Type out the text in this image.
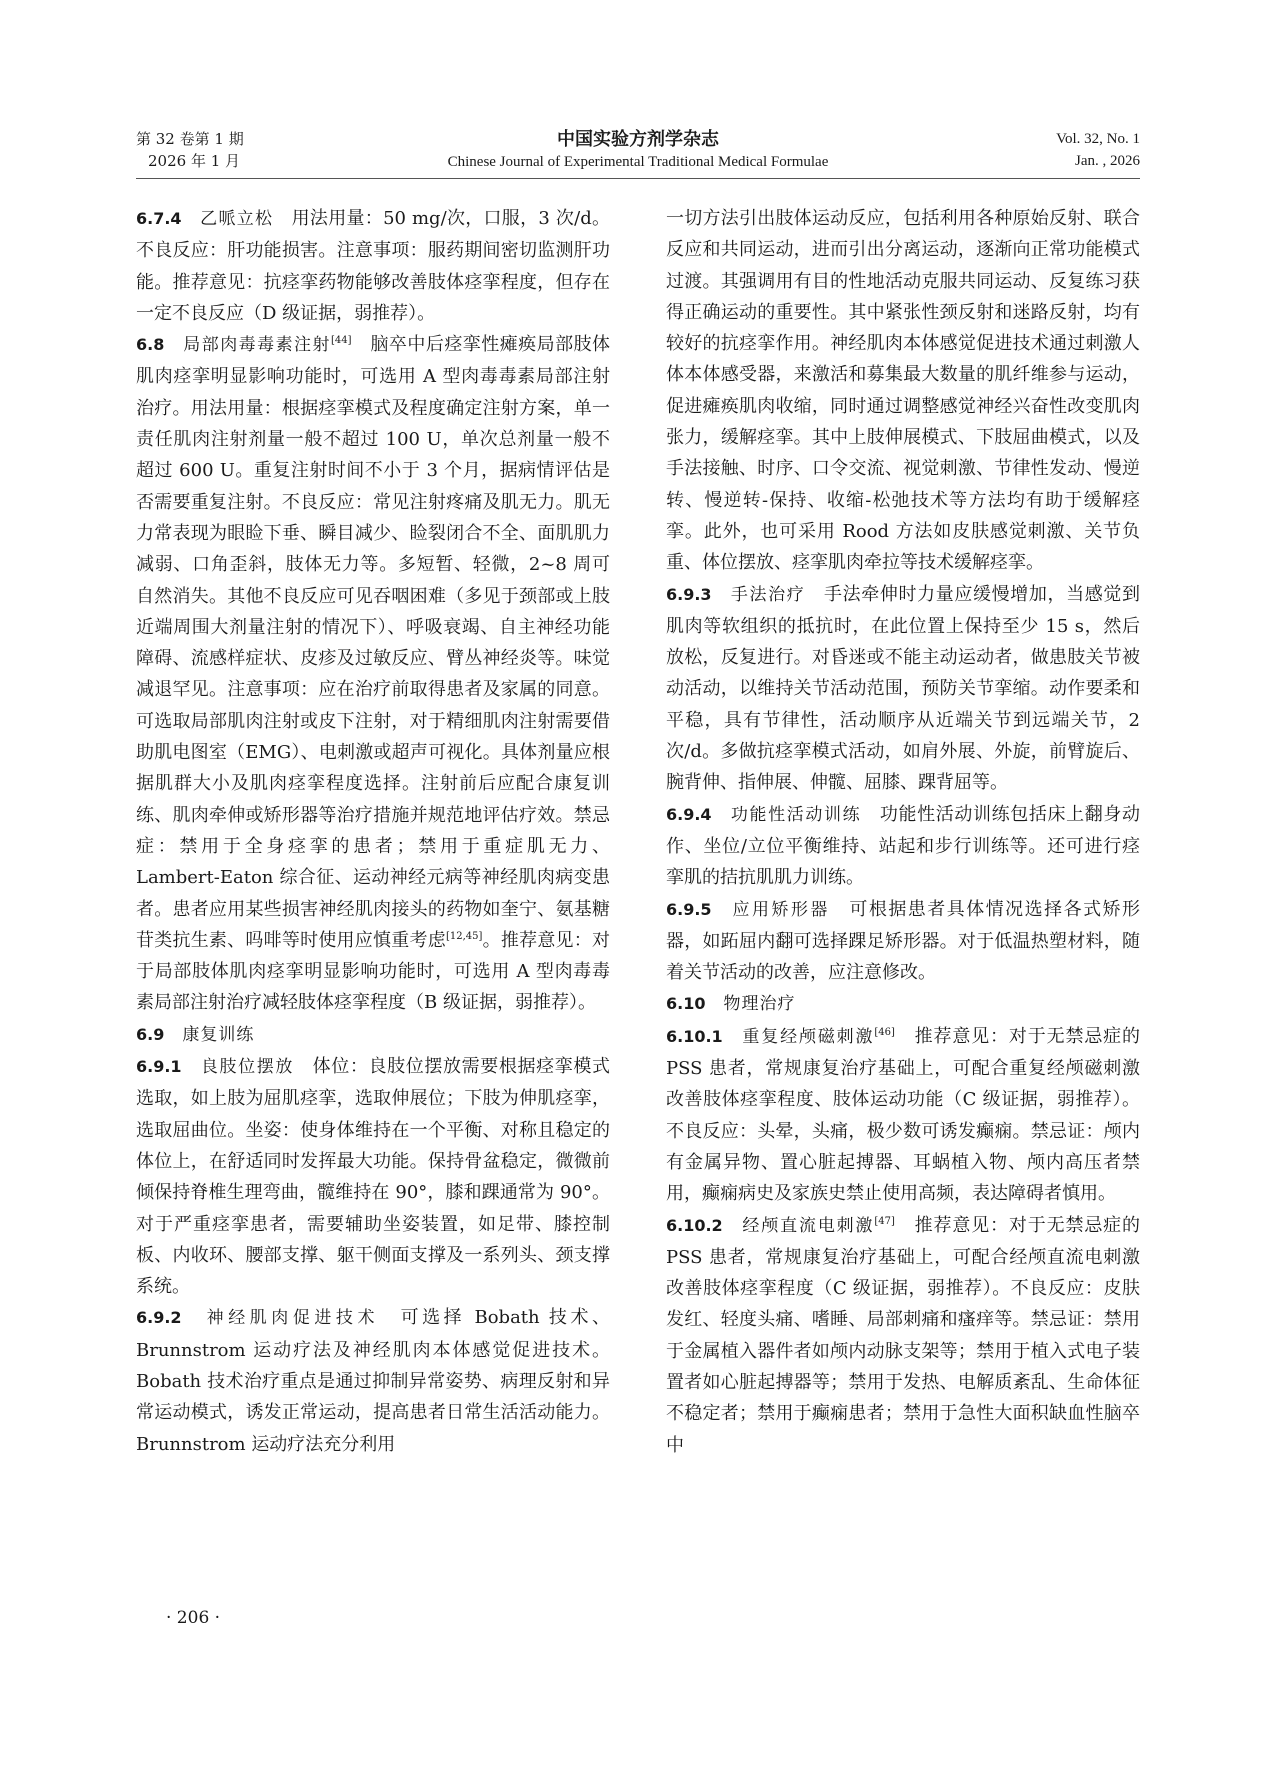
第 32 卷第 1 期
2026 年 1 月
中国实验方剂学杂志
Chinese Journal of Experimental Traditional Medical Formulae
Vol. 32, No. 1
Jan. , 2026

6.7.4　 乙哌立松　 用法用量：50 mg/次，口服，3 次/d。不良反应：肝功能损害。注意事项：服药期间密切监测肝功能。推荐意见：抗痉挛药物能够改善肢体痉挛程度，但存在一定不良反应（D 级证据，弱推荐）。

6.8　 局部肉毒毒素注射[44]　 脑卒中后痉挛性瘫痪局部肢体肌肉痉挛明显影响功能时，可选用 A 型肉毒毒素局部注射治疗。用法用量：根据痉挛模式及程度确定注射方案，单一责任肌肉注射剂量一般不超过 100 U，单次总剂量一般不超过 600 U。重复注射时间不小于 3 个月，据病情评估是否需要重复注射。不良反应：常见注射疼痛及肌无力。肌无力常表现为眼睑下垂、瞬目减少、睑裂闭合不全、面肌肌力减弱、口角歪斜，肢体无力等。多短暂、轻微，2~8 周可自然消失。其他不良反应可见吞咽困难（多见于颈部或上肢近端周围大剂量注射的情况下）、呼吸衰竭、自主神经功能障碍、流感样症状、皮疹及过敏反应、臂丛神经炎等。味觉减退罕见。注意事项：应在治疗前取得患者及家属的同意。可选取局部肌肉注射或皮下注射，对于精细肌肉注射需要借助肌电图室（EMG）、电刺激或超声可视化。具体剂量应根据肌群大小及肌肉痉挛程度选择。注射前后应配合康复训练、肌肉牵伸或矫形器等治疗措施并规范地评估疗效。禁忌症：禁用于全身痉挛的患者；禁用于重症肌无力、Lambert-Eaton 综合征、运动神经元病等神经肌肉病变患者。患者应用某些损害神经肌肉接头的药物如奎宁、氨基糖苷类抗生素、吗啡等时使用应慎重考虑[12,45]。推荐意见：对于局部肢体肌肉痉挛明显影响功能时，可选用 A 型肉毒毒素局部注射治疗减轻肢体痉挛程度（B 级证据，弱推荐）。

6.9　 康复训练

6.9.1　 良肢位摆放　 体位：良肢位摆放需要根据痉挛模式选取，如上肢为屈肌痉挛，选取伸展位；下肢为伸肌痉挛，选取屈曲位。坐姿：使身体维持在一个平衡、对称且稳定的体位上，在舒适同时发挥最大功能。保持骨盆稳定，微微前倾保持脊椎生理弯曲，髋维持在 90°，膝和踝通常为 90°。对于严重痉挛患者，需要辅助坐姿装置，如足带、膝控制板、内收环、腰部支撑、躯干侧面支撑及一系列头、颈支撑系统。

6.9.2　 神经肌肉促进技术　 可选择 Bobath 技术、Brunnstrom 运动疗法及神经肌肉本体感觉促进技术。Bobath 技术治疗重点是通过抑制异常姿势、病理反射和异常运动模式，诱发正常运动，提高患者日常生活活动能力。Brunnstrom 运动疗法充分利用

一切方法引出肢体运动反应，包括利用各种原始反射、联合反应和共同运动，进而引出分离运动，逐渐向正常功能模式过渡。其强调用有目的性地活动克服共同运动、反复练习获得正确运动的重要性。其中紧张性颈反射和迷路反射，均有较好的抗痉挛作用。神经肌肉本体感觉促进技术通过刺激人体本体感受器，来激活和募集最大数量的肌纤维参与运动，促进瘫痪肌肉收缩，同时通过调整感觉神经兴奋性改变肌肉张力，缓解痉挛。其中上肢伸展模式、下肢屈曲模式，以及手法接触、时序、口令交流、视觉刺激、节律性发动、慢逆转、慢逆转-保持、收缩-松弛技术等方法均有助于缓解痉挛。此外，也可采用 Rood 方法如皮肤感觉刺激、关节负重、体位摆放、痉挛肌肉牵拉等技术缓解痉挛。

6.9.3　 手法治疗　 手法牵伸时力量应缓慢增加，当感觉到肌肉等软组织的抵抗时，在此位置上保持至少 15 s，然后放松，反复进行。对昏迷或不能主动运动者，做患肢关节被动活动，以维持关节活动范围，预防关节挛缩。动作要柔和平稳，具有节律性，活动顺序从近端关节到远端关节，2 次/d。多做抗痉挛模式活动，如肩外展、外旋，前臂旋后、腕背伸、指伸展、伸髋、屈膝、踝背屈等。

6.9.4　 功能性活动训练　 功能性活动训练包括床上翻身动作、坐位/立位平衡维持、站起和步行训练等。还可进行痉挛肌的拮抗肌肌力训练。

6.9.5　 应用矫形器　 可根据患者具体情况选择各式矫形器，如跖屈内翻可选择踝足矫形器。对于低温热塑材料，随着关节活动的改善，应注意修改。

6.10　 物理治疗

6.10.1　 重复经颅磁刺激[46]　 推荐意见：对于无禁忌症的 PSS 患者，常规康复治疗基础上，可配合重复经颅磁刺激改善肢体痉挛程度、肢体运动功能（C 级证据，弱推荐）。不良反应：头晕，头痛，极少数可诱发癫痫。禁忌证：颅内有金属异物、置心脏起搏器、耳蜗植入物、颅内高压者禁用，癫痫病史及家族史禁止使用高频，表达障碍者慎用。

6.10.2　 经颅直流电刺激[47]　 推荐意见：对于无禁忌症的 PSS 患者，常规康复治疗基础上，可配合经颅直流电刺激改善肢体痉挛程度（C 级证据，弱推荐）。不良反应：皮肤发红、轻度头痛、嗜睡、局部刺痛和瘙痒等。禁忌证：禁用于金属植入器件者如颅内动脉支架等；禁用于植入式电子装置者如心脏起搏器等；禁用于发热、电解质紊乱、生命体征不稳定者；禁用于癫痫患者；禁用于急性大面积缺血性脑卒中

· 206 ·
